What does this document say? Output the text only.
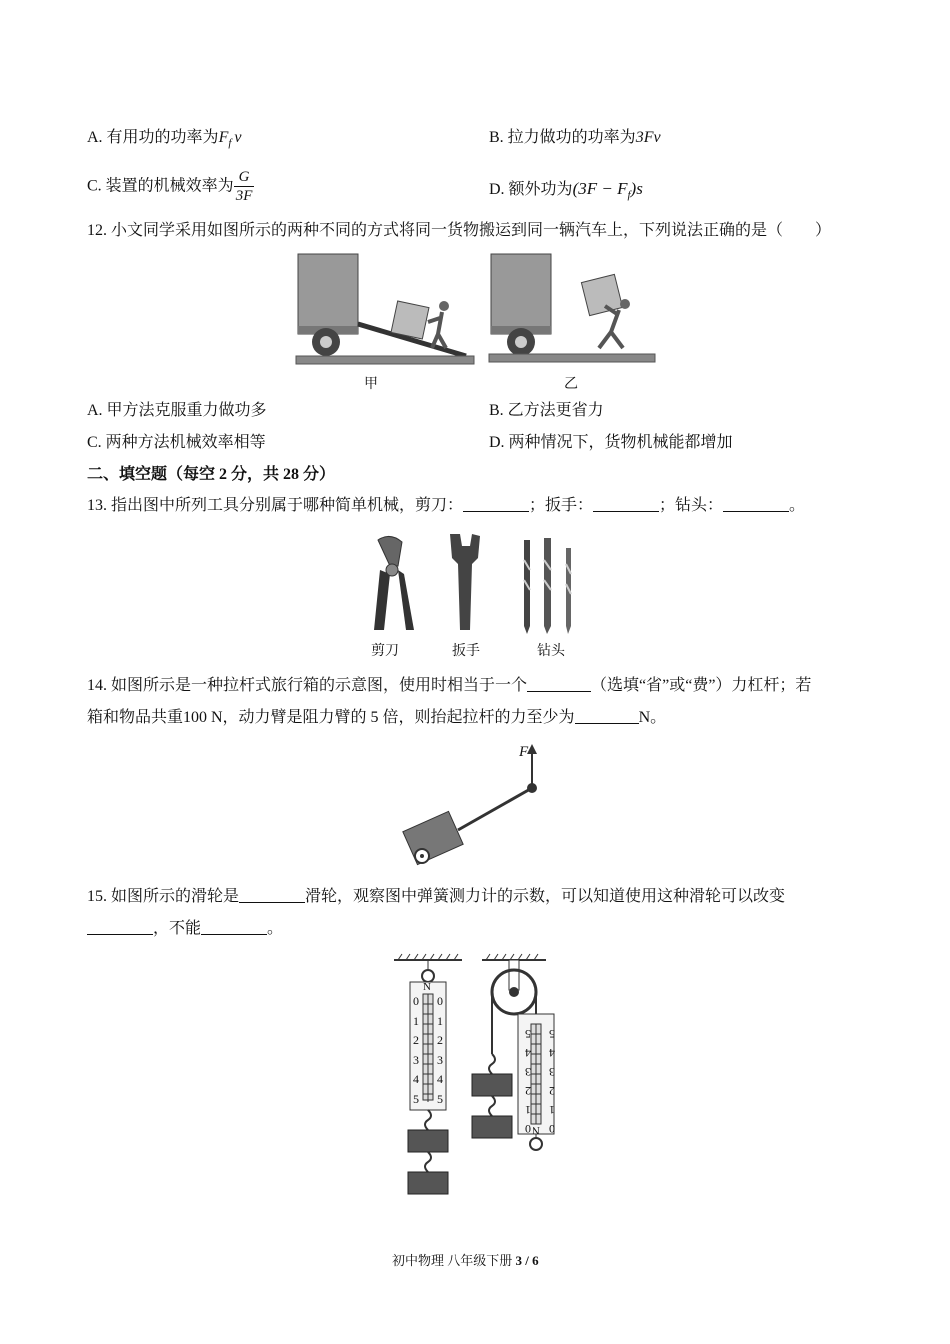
A. 有用功的功率为$F_f$ v	B. 拉力做功的功率为3Fv
C. 装置的机械效率为 $\frac{G}{3F}$	D. 额外功为$(3F - F_f)s$
12. 小文同学采用如图所示的两种不同的方式将同一货物搬运到同一辆汽车上，下列说法正确的是（　　）
甲	乙
A. 甲方法克服重力做功多	B. 乙方法更省力
C. 两种方法机械效率相等	D. 两种情况下，货物机械能都增加
二、填空题（每空 2 分，共 28 分）
13. 指出图中所列工具分别属于哪种简单机械，剪刀：	；扳手：	；钻头：	。
剪刀	扳手	钻头
14. 如图所示是一种拉杆式旅行箱的示意图，使用时相当于一个	（选填“省”或“费”）力杠杆；若
箱和物品共重100 N，动力臂是阻力臂的 5 倍，则抬起拉杆的力至少为	N。
F
15. 如图所示的滑轮是	滑轮，观察图中弹簧测力计的示数，可以知道使用这种滑轮可以改变
，不能	。
N
0
1
2
3
4
5
0
1
2
3
4
5
0
1
2
3
4
5
0
1
2
3
4
5
N
初中物理 八年级下册 3 / 6
